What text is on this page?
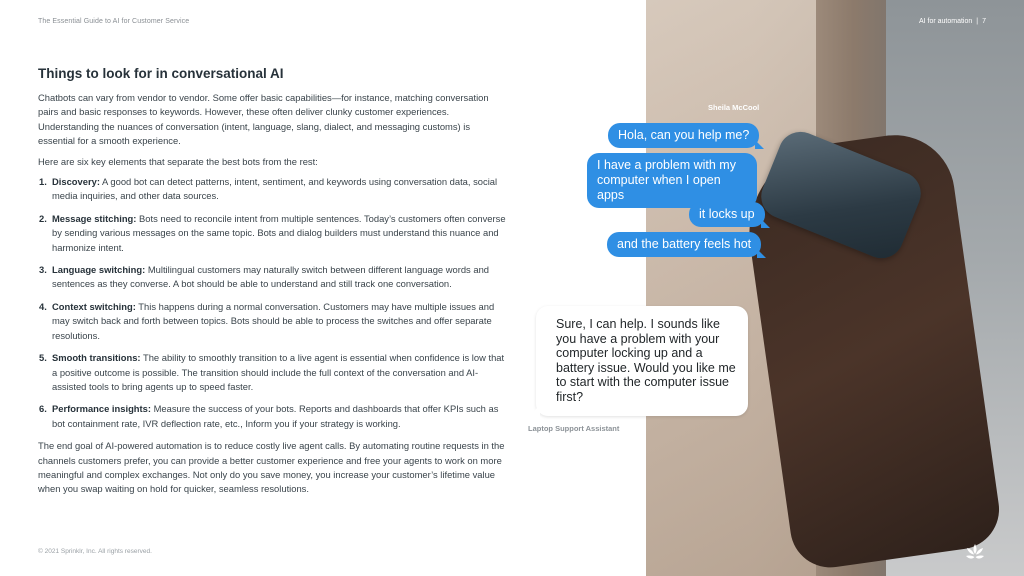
The Essential Guide to AI for Customer Service
Things to look for in conversational AI

Chatbots can vary from vendor to vendor. Some offer basic capabilities—for instance, matching conversation pairs and basic responses to keywords. However, these often deliver clunky customer experiences. Understanding the nuances of conversation (intent, language, slang, dialect, and messaging customs) is essential for a smooth experience.

Here are six key elements that separate the best bots from the rest:

1. Discovery: A good bot can detect patterns, intent, sentiment, and keywords using conversation data, social media inquiries, and other data sources.
2. Message stitching: Bots need to reconcile intent from multiple sentences. Today’s customers often converse by sending various messages on the same topic. Bots and dialog builders must understand this nuance and harmonize intent.
3. Language switching: Multilingual customers may naturally switch between different language words and sentences as they converse. A bot should be able to understand and still track one conversation.
4. Context switching: This happens during a normal conversation. Customers may have multiple issues and may switch back and forth between topics. Bots should be able to process the switches and offer separate resolutions.
5. Smooth transitions: The ability to smoothly transition to a live agent is essential when confidence is low that a positive outcome is possible. The transition should include the full context of the conversation and AI-assisted tools to bring agents up to speed faster.
6. Performance insights: Measure the success of your bots. Reports and dashboards that offer KPIs such as bot containment rate, IVR deflection rate, etc., Inform you if your strategy is working.

The end goal of AI-powered automation is to reduce costly live agent calls. By automating routine requests in the channels customers prefer, you can provide a better customer experience and free your agents to work on more meaningful and complex exchanges. Not only do you save money, you increase your customer’s lifetime value when you swap waiting on hold for quicker, seamless resolutions.

© 2021 Sprinklr, Inc. All rights reserved.
AI for automation | 7
Sheila McCool
Hola, can you help me?
I have a problem with my computer when I open apps
it locks up
and the battery feels hot
Sure, I can help. I sounds like you have a problem with your computer locking up and a battery issue. Would you like me to start with the computer issue first?
Laptop Support Assistant
